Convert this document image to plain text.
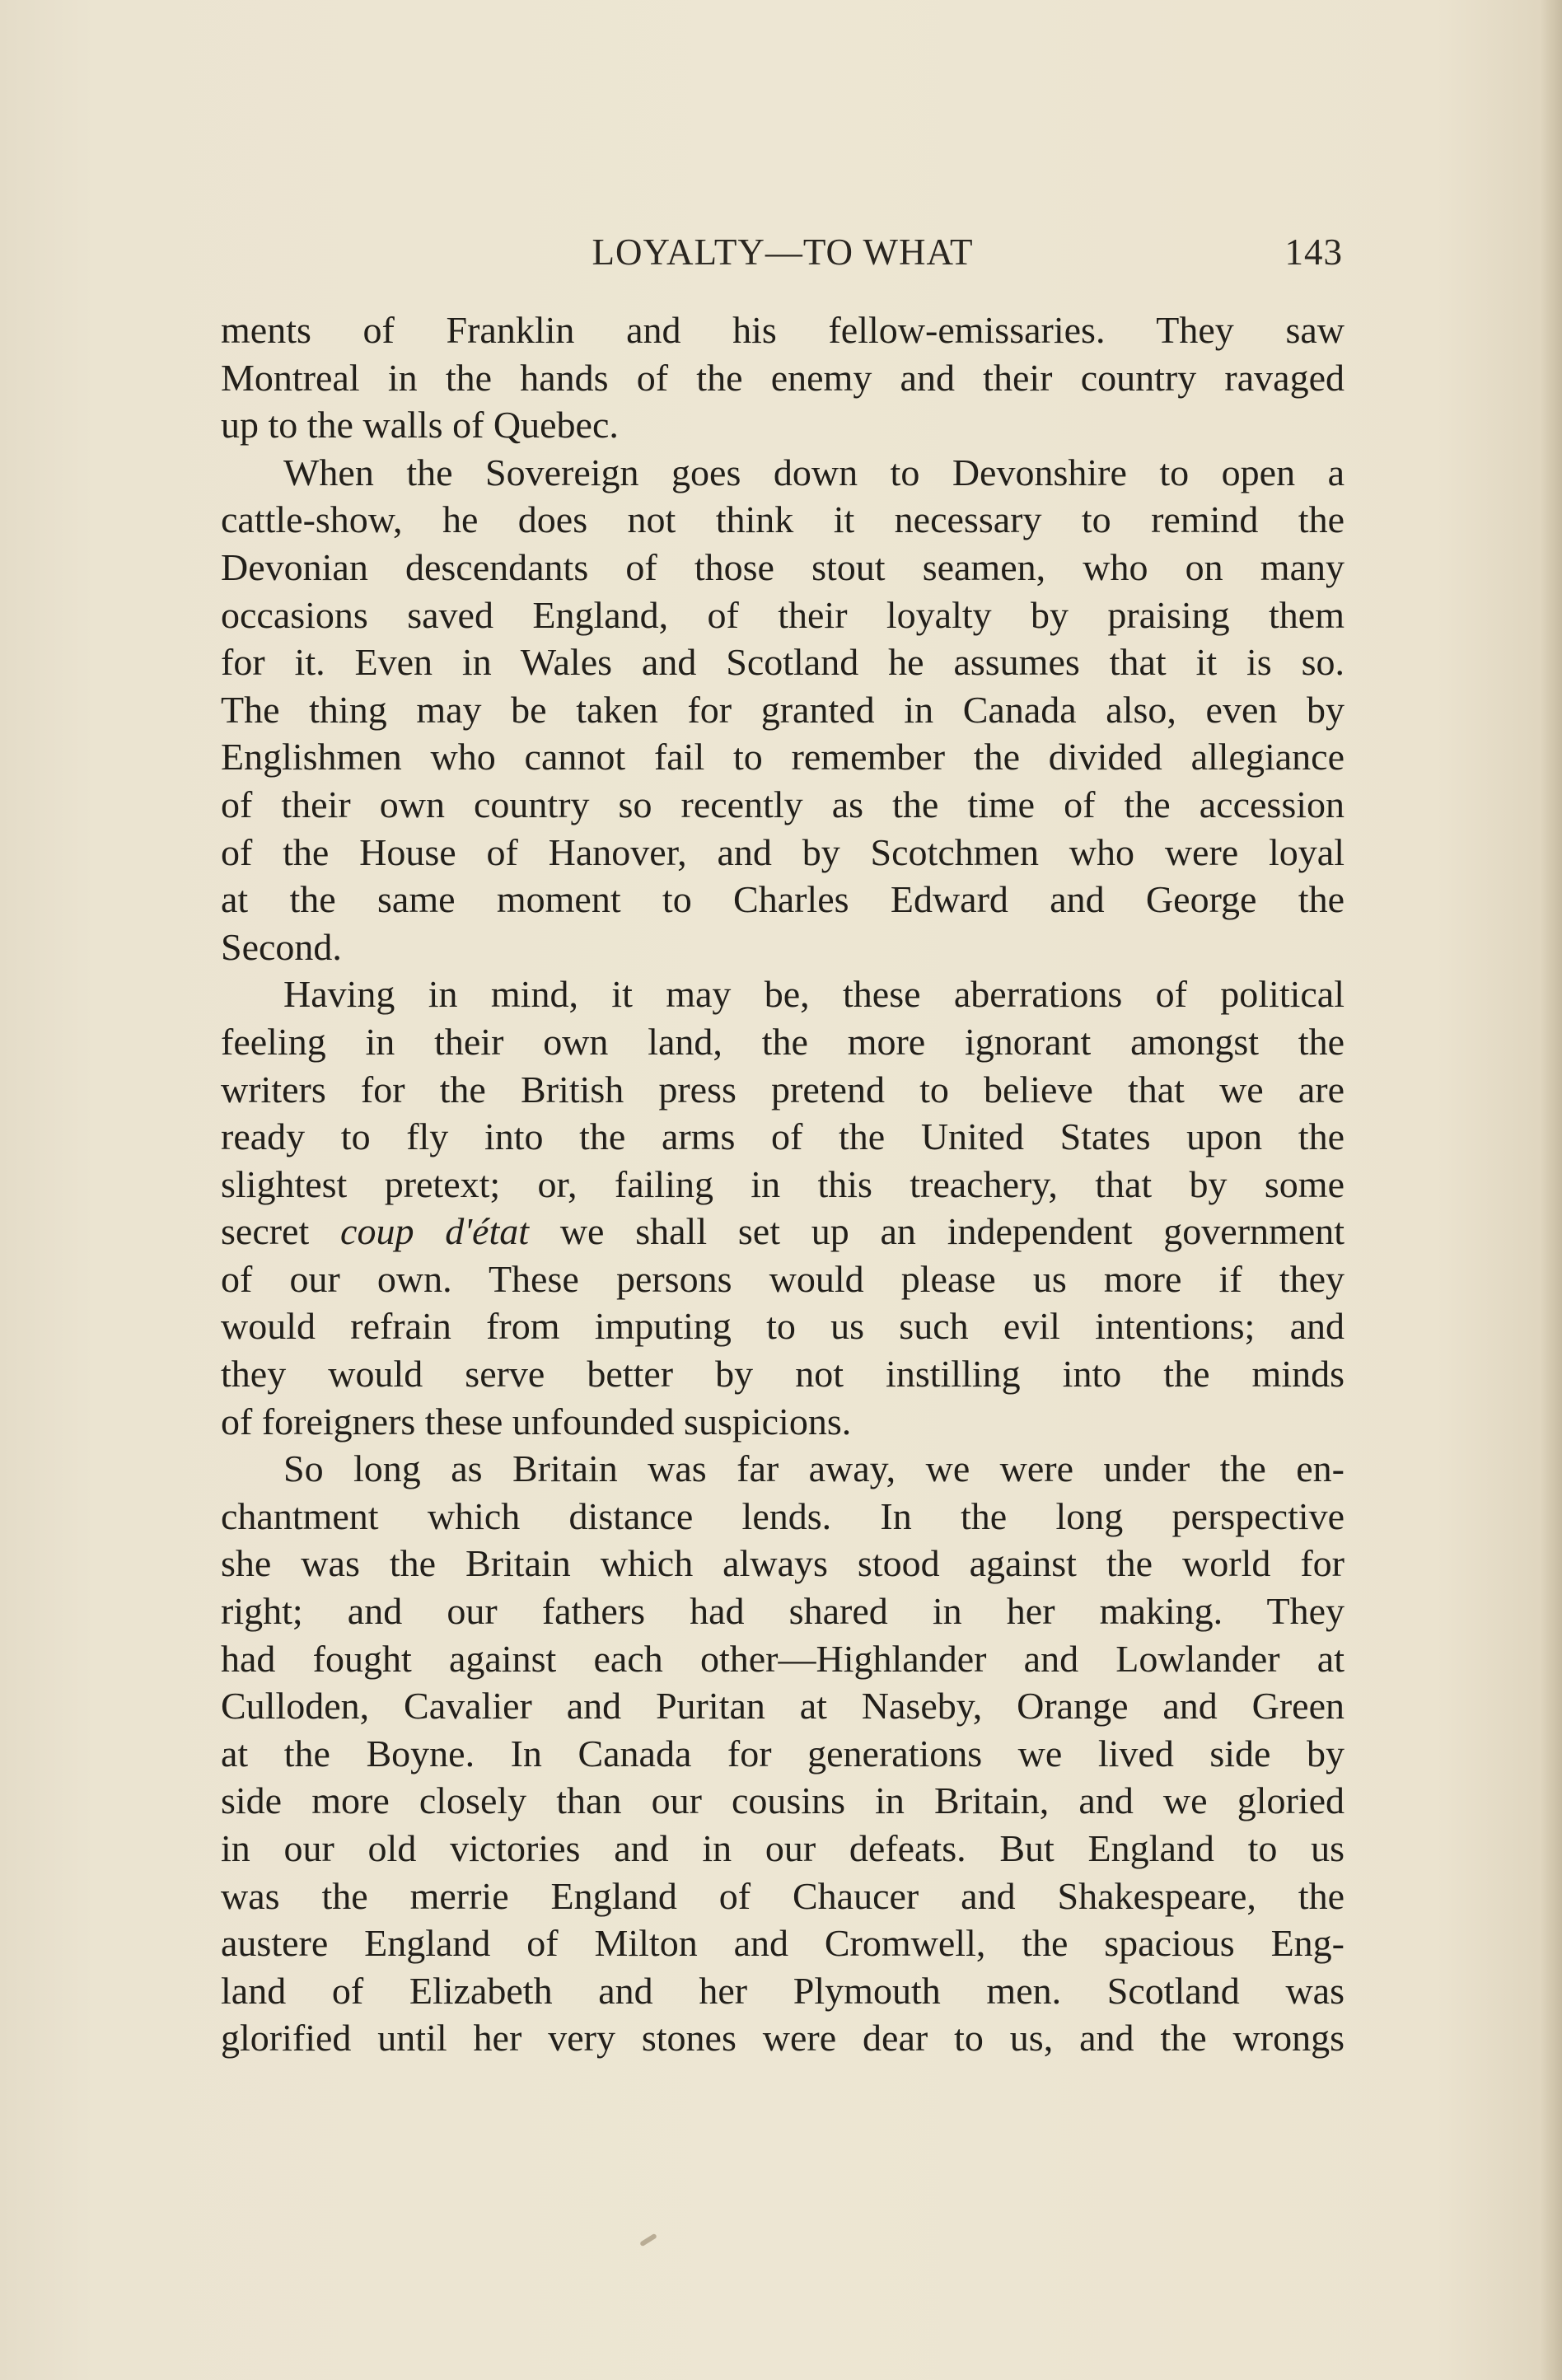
LOYALTY—TO WHAT	143
ments of Franklin and his fellow-emissaries. They saw
Montreal in the hands of the enemy and their country ravaged
up to the walls of Quebec.
When the Sovereign goes down to Devonshire to open a
cattle-show, he does not think it necessary to remind the
Devonian descendants of those stout seamen, who on many
occasions saved England, of their loyalty by praising them
for it. Even in Wales and Scotland he assumes that it is so.
The thing may be taken for granted in Canada also, even by
Englishmen who cannot fail to remember the divided allegiance
of their own country so recently as the time of the accession
of the House of Hanover, and by Scotchmen who were loyal
at the same moment to Charles Edward and George the
Second.
Having in mind, it may be, these aberrations of political
feeling in their own land, the more ignorant amongst the
writers for the British press pretend to believe that we are
ready to fly into the arms of the United States upon the
slightest pretext; or, failing in this treachery, that by some
secret coup d'état we shall set up an independent government
of our own. These persons would please us more if they
would refrain from imputing to us such evil intentions; and
they would serve better by not instilling into the minds
of foreigners these unfounded suspicions.
So long as Britain was far away, we were under the en-
chantment which distance lends. In the long perspective
she was the Britain which always stood against the world for
right; and our fathers had shared in her making. They
had fought against each other—Highlander and Lowlander at
Culloden, Cavalier and Puritan at Naseby, Orange and Green
at the Boyne. In Canada for generations we lived side by
side more closely than our cousins in Britain, and we gloried
in our old victories and in our defeats. But England to us
was the merrie England of Chaucer and Shakespeare, the
austere England of Milton and Cromwell, the spacious Eng-
land of Elizabeth and her Plymouth men. Scotland was
glorified until her very stones were dear to us, and the wrongs
